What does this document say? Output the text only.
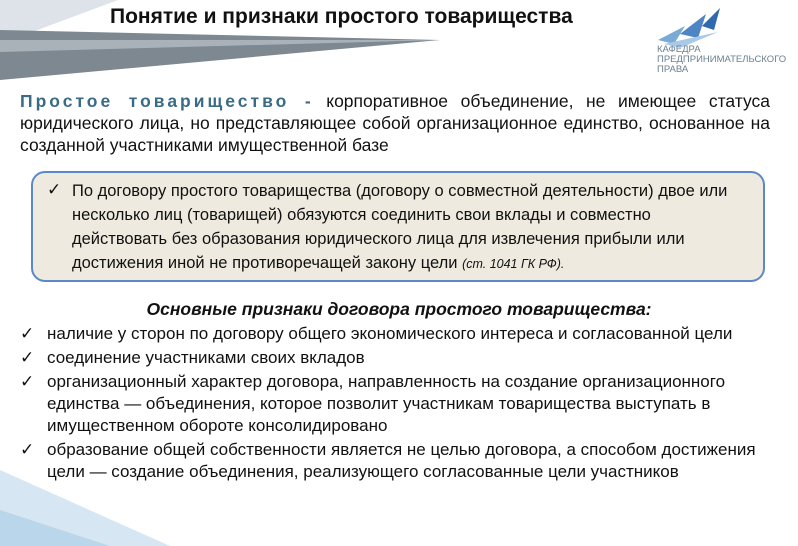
Понятие и признаки простого товарищества
КАФЕДРА
ПРЕДПРИНИМАТЕЛЬСКОГО
ПРАВА
Простое товарищество - корпоративное объединение, не имеющее статуса юридического лица, но представляющее собой организационное единство, основанное на созданной участниками имущественной базе
✓ По договору простого товарищества (договору о совместной деятельности) двое или несколько лиц (товарищей) обязуются соединить свои вклады и совместно действовать без образования юридического лица для извлечения прибыли или достижения иной не противоречащей закону цели (ст. 1041 ГК РФ).
Основные признаки договора простого товарищества:
✓ наличие у сторон по договору общего экономического интереса и согласованной цели
✓ соединение участниками своих вкладов
✓ организационный характер договора, направленность на создание организационного единства — объединения, которое позволит участникам товарищества выступать в имущественном обороте консолидировано
✓ образование общей собственности является не целью договора, а способом достижения цели — создание объединения, реализующего согласованные цели участников
